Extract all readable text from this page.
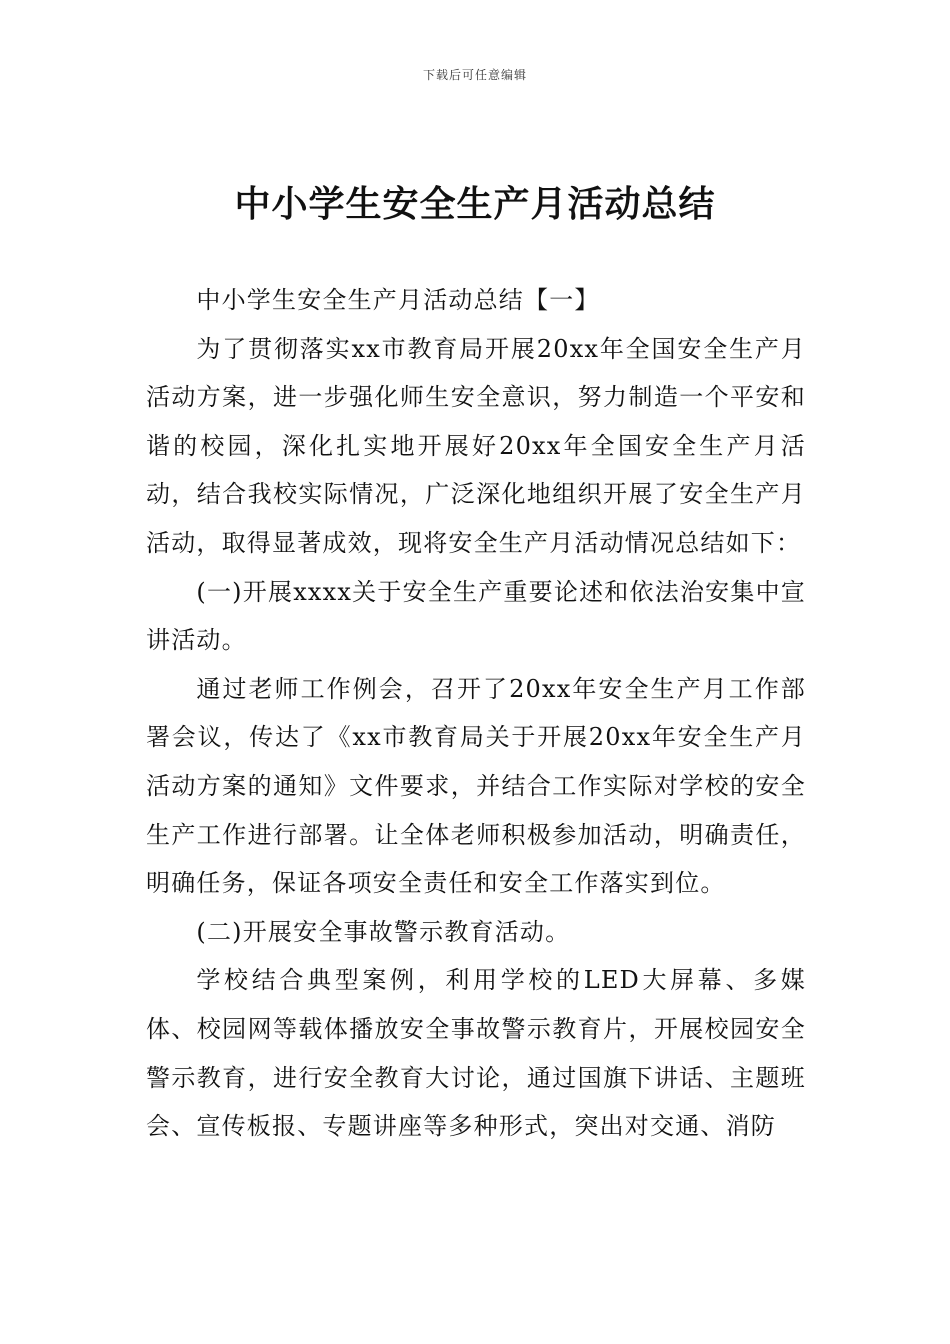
下载后可任意编辑
中小学生安全生产月活动总结

中小学生安全生产月活动总结【一】

为了贯彻落实xx市教育局开展20xx年全国安全生产月活动方案，进一步强化师生安全意识，努力制造一个平安和谐的校园，深化扎实地开展好20xx年全国安全生产月活动，结合我校实际情况，广泛深化地组织开展了安全生产月活动，取得显著成效，现将安全生产月活动情况总结如下：

(一)开展xxxx关于安全生产重要论述和依法治安集中宣讲活动。

通过老师工作例会，召开了20xx年安全生产月工作部署会议，传达了《xx市教育局关于开展20xx年安全生产月活动方案的通知》文件要求，并结合工作实际对学校的安全生产工作进行部署。让全体老师积极参加活动，明确责任，明确任务，保证各项安全责任和安全工作落实到位。

(二)开展安全事故警示教育活动。

学校结合典型案例，利用学校的LED大屏幕、多媒体、校园网等载体播放安全事故警示教育片，开展校园安全警示教育，进行安全教育大讨论，通过国旗下讲话、主题班会、宣传板报、专题讲座等多种形式，突出对交通、消防
